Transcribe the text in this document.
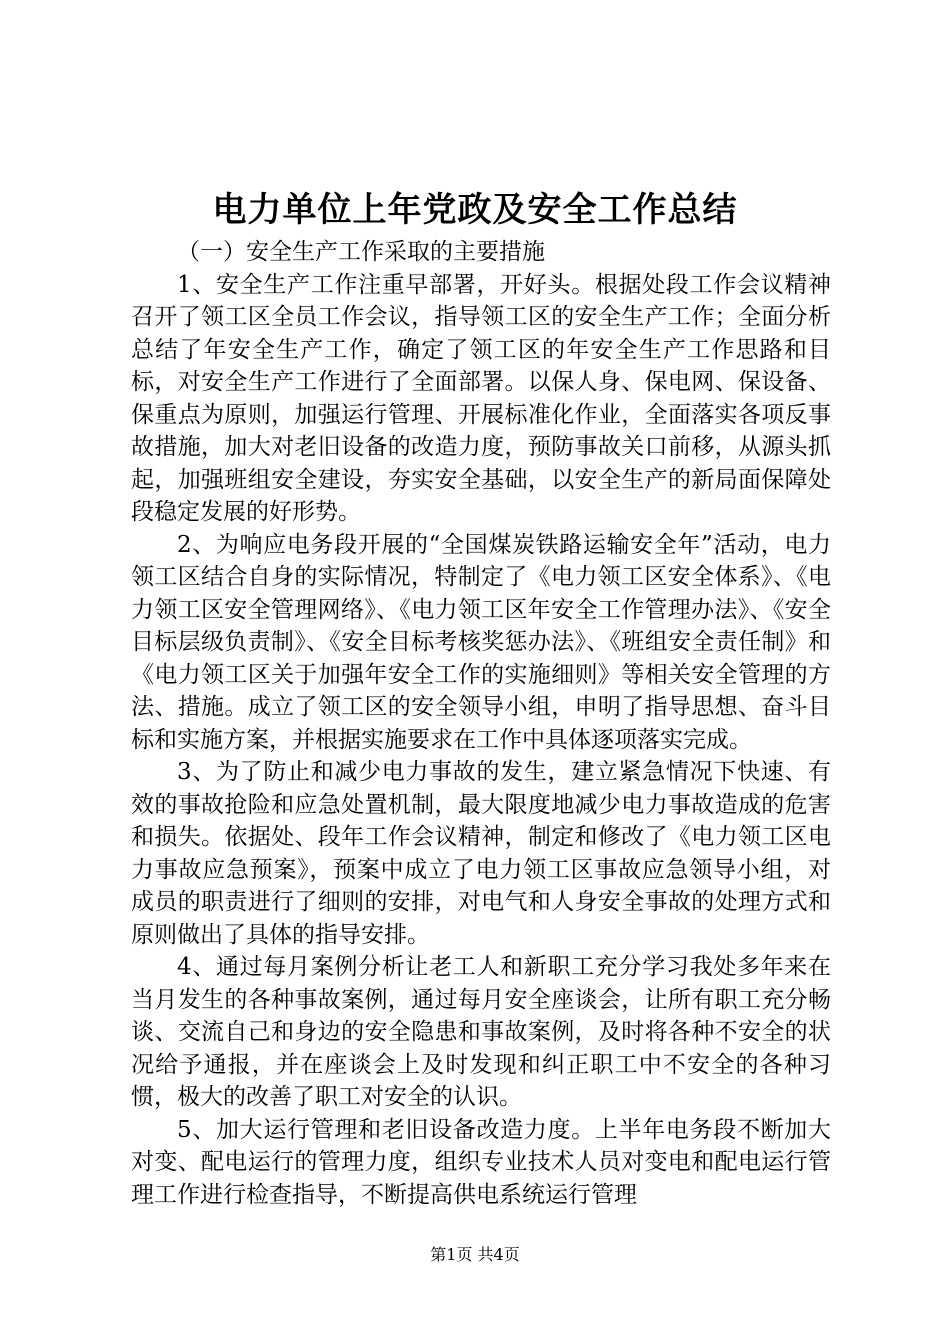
电力单位上年党政及安全工作总结

（一）安全生产工作采取的主要措施

1、安全生产工作注重早部署，开好头。根据处段工作会议精神召开了领工区全员工作会议，指导领工区的安全生产工作；全面分析总结了年安全生产工作，确定了领工区的年安全生产工作思路和目标，对安全生产工作进行了全面部署。以保人身、保电网、保设备、保重点为原则，加强运行管理、开展标准化作业，全面落实各项反事故措施，加大对老旧设备的改造力度，预防事故关口前移，从源头抓起，加强班组安全建设，夯实安全基础，以安全生产的新局面保障处段稳定发展的好形势。

2、为响应电务段开展的“全国煤炭铁路运输安全年”活动，电力领工区结合自身的实际情况，特制定了《电力领工区安全体系》、《电力领工区安全管理网络》、《电力领工区年安全工作管理办法》、《安全目标层级负责制》、《安全目标考核奖惩办法》、《班组安全责任制》和《电力领工区关于加强年安全工作的实施细则》等相关安全管理的方法、措施。成立了领工区的安全领导小组，申明了指导思想、奋斗目标和实施方案，并根据实施要求在工作中具体逐项落实完成。

3、为了防止和减少电力事故的发生，建立紧急情况下快速、有效的事故抢险和应急处置机制，最大限度地减少电力事故造成的危害和损失。依据处、段年工作会议精神，制定和修改了《电力领工区电力事故应急预案》，预案中成立了电力领工区事故应急领导小组，对成员的职责进行了细则的安排，对电气和人身安全事故的处理方式和原则做出了具体的指导安排。

4、通过每月案例分析让老工人和新职工充分学习我处多年来在当月发生的各种事故案例，通过每月安全座谈会，让所有职工充分畅谈、交流自己和身边的安全隐患和事故案例，及时将各种不安全的状况给予通报，并在座谈会上及时发现和纠正职工中不安全的各种习惯，极大的改善了职工对安全的认识。

5、加大运行管理和老旧设备改造力度。上半年电务段不断加大对变、配电运行的管理力度，组织专业技术人员对变电和配电运行管理工作进行检查指导，不断提高供电系统运行管理

第1页 共4页
